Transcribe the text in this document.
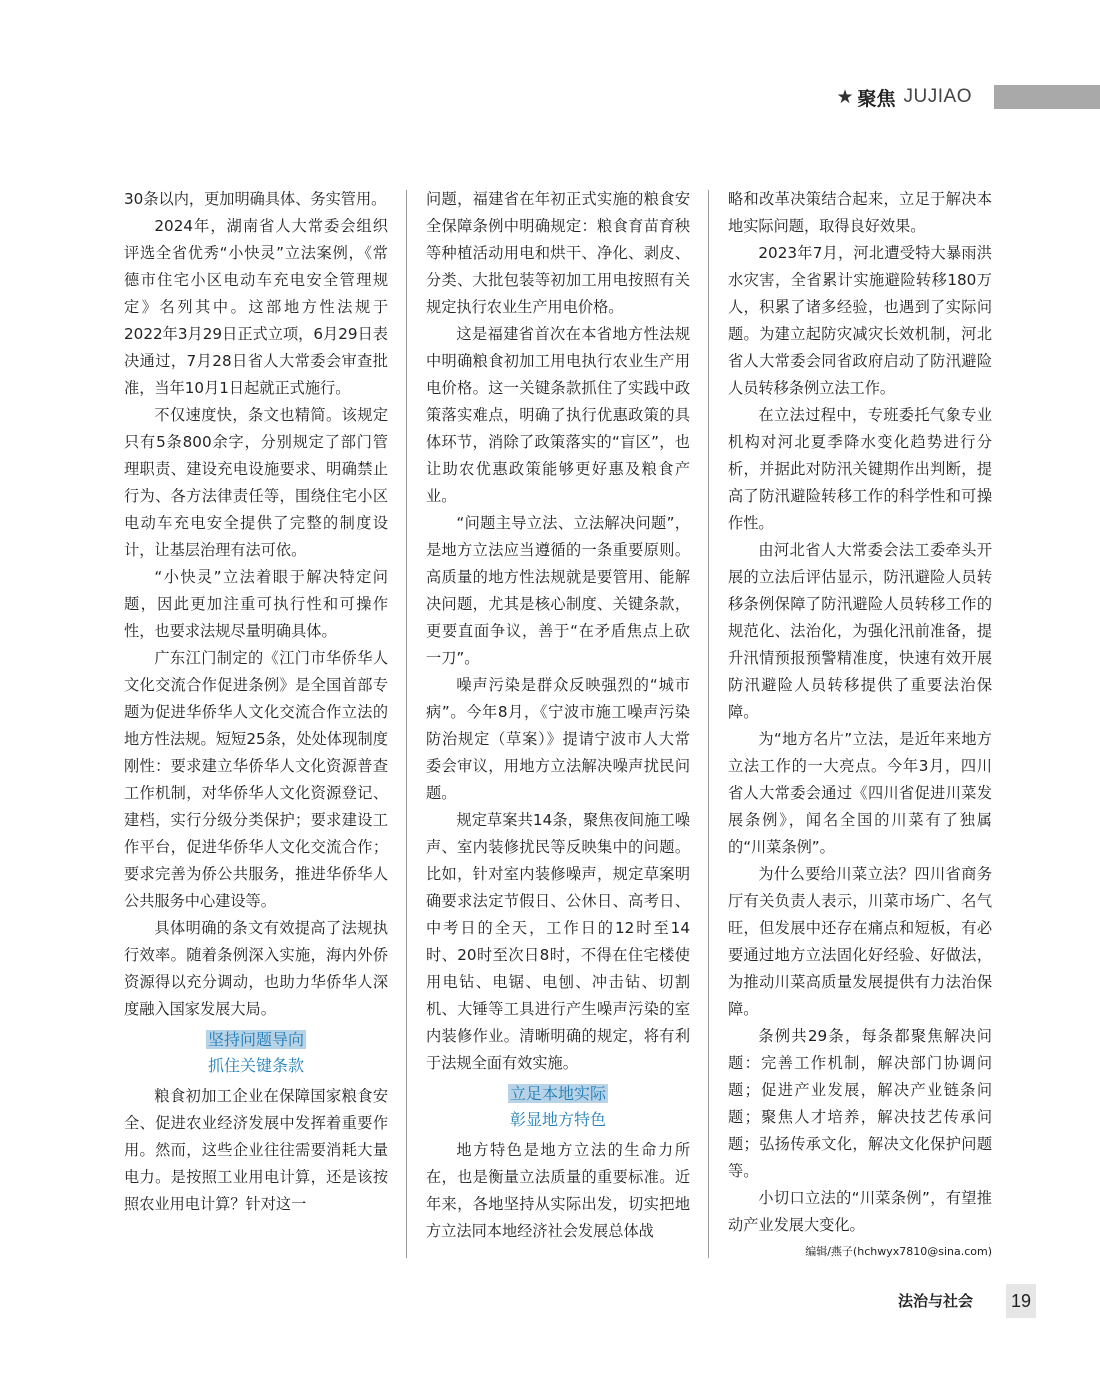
★ 聚焦 JUJIAO

30条以内，更加明确具体、务实管用。

2024年，湖南省人大常委会组织评选全省优秀“小快灵”立法案例，《常德市住宅小区电动车充电安全管理规定》名列其中。这部地方性法规于2022年3月29日正式立项，6月29日表决通过，7月28日省人大常委会审查批准，当年10月1日起就正式施行。

不仅速度快，条文也精简。该规定只有5条800余字，分别规定了部门管理职责、建设充电设施要求、明确禁止行为、各方法律责任等，围绕住宅小区电动车充电安全提供了完整的制度设计，让基层治理有法可依。

“小快灵”立法着眼于解决特定问题，因此更加注重可执行性和可操作性，也要求法规尽量明确具体。

广东江门制定的《江门市华侨华人文化交流合作促进条例》是全国首部专题为促进华侨华人文化交流合作立法的地方性法规。短短25条，处处体现制度刚性：要求建立华侨华人文化资源普查工作机制，对华侨华人文化资源登记、建档，实行分级分类保护；要求建设工作平台，促进华侨华人文化交流合作；要求完善为侨公共服务，推进华侨华人公共服务中心建设等。

具体明确的条文有效提高了法规执行效率。随着条例深入实施，海内外侨资源得以充分调动，也助力华侨华人深度融入国家发展大局。

坚持问题导向
抓住关键条款

粮食初加工企业在保障国家粮食安全、促进农业经济发展中发挥着重要作用。然而，这些企业往往需要消耗大量电力。是按照工业用电计算，还是该按照农业用电计算？针对这一

问题，福建省在年初正式实施的粮食安全保障条例中明确规定：粮食育苗育秧等种植活动用电和烘干、净化、剥皮、分类、大批包装等初加工用电按照有关规定执行农业生产用电价格。

这是福建省首次在本省地方性法规中明确粮食初加工用电执行农业生产用电价格。这一关键条款抓住了实践中政策落实难点，明确了执行优惠政策的具体环节，消除了政策落实的“盲区”，也让助农优惠政策能够更好惠及粮食产业。

“问题主导立法、立法解决问题”，是地方立法应当遵循的一条重要原则。高质量的地方性法规就是要管用、能解决问题，尤其是核心制度、关键条款，更要直面争议，善于“在矛盾焦点上砍一刀”。

噪声污染是群众反映强烈的“城市病”。今年8月，《宁波市施工噪声污染防治规定（草案）》提请宁波市人大常委会审议，用地方立法解决噪声扰民问题。

规定草案共14条，聚焦夜间施工噪声、室内装修扰民等反映集中的问题。比如，针对室内装修噪声，规定草案明确要求法定节假日、公休日、高考日、中考日的全天，工作日的12时至14时、20时至次日8时，不得在住宅楼使用电钻、电锯、电刨、冲击钻、切割机、大锤等工具进行产生噪声污染的室内装修作业。清晰明确的规定，将有利于法规全面有效实施。

立足本地实际
彰显地方特色

地方特色是地方立法的生命力所在，也是衡量立法质量的重要标准。近年来，各地坚持从实际出发，切实把地方立法同本地经济社会发展总体战

略和改革决策结合起来，立足于解决本地实际问题，取得良好效果。

2023年7月，河北遭受特大暴雨洪水灾害，全省累计实施避险转移180万人，积累了诸多经验，也遇到了实际问题。为建立起防灾减灾长效机制，河北省人大常委会同省政府启动了防汛避险人员转移条例立法工作。

在立法过程中，专班委托气象专业机构对河北夏季降水变化趋势进行分析，并据此对防汛关键期作出判断，提高了防汛避险转移工作的科学性和可操作性。

由河北省人大常委会法工委牵头开展的立法后评估显示，防汛避险人员转移条例保障了防汛避险人员转移工作的规范化、法治化，为强化汛前准备，提升汛情预报预警精准度，快速有效开展防汛避险人员转移提供了重要法治保障。

为“地方名片”立法，是近年来地方立法工作的一大亮点。今年3月，四川省人大常委会通过《四川省促进川菜发展条例》，闻名全国的川菜有了独属的“川菜条例”。

为什么要给川菜立法？四川省商务厅有关负责人表示，川菜市场广、名气旺，但发展中还存在痛点和短板，有必要通过地方立法固化好经验、好做法，为推动川菜高质量发展提供有力法治保障。

条例共29条，每条都聚焦解决问题：完善工作机制，解决部门协调问题；促进产业发展，解决产业链条问题；聚焦人才培养，解决技艺传承问题；弘扬传承文化，解决文化保护问题等。

小切口立法的“川菜条例”，有望推动产业发展大变化。

编辑/燕子(hchwyx7810@sina.com)
法治与社会 19
